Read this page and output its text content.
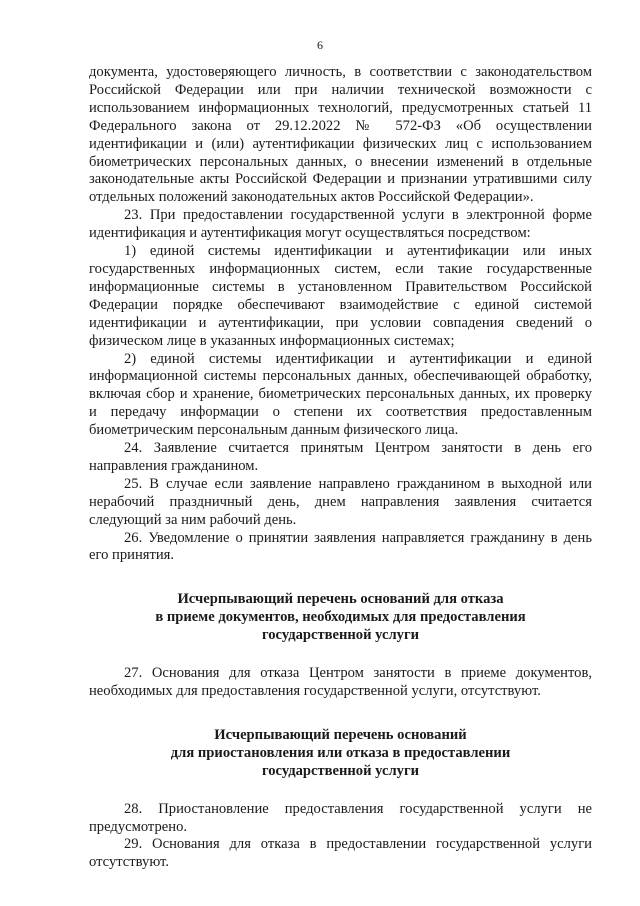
6

документа, удостоверяющего личность, в соответствии с законодательством Российской Федерации или при наличии технической возможности с использованием информационных технологий, предусмотренных статьей 11 Федерального закона от 29.12.2022 № 572-ФЗ «Об осуществлении идентификации и (или) аутентификации физических лиц с использованием биометрических персональных данных, о внесении изменений в отдельные законодательные акты Российской Федерации и признании утратившими силу отдельных положений законодательных актов Российской Федерации».

23. При предоставлении государственной услуги в электронной форме идентификация и аутентификация могут осуществляться посредством:

1) единой системы идентификации и аутентификации или иных государственных информационных систем, если такие государственные информационные системы в установленном Правительством Российской Федерации порядке обеспечивают взаимодействие с единой системой идентификации и аутентификации, при условии совпадения сведений о физическом лице в указанных информационных системах;

2) единой системы идентификации и аутентификации и единой информационной системы персональных данных, обеспечивающей обработку, включая сбор и хранение, биометрических персональных данных, их проверку и передачу информации о степени их соответствия предоставленным биометрическим персональным данным физического лица.

24. Заявление считается принятым Центром занятости в день его направления гражданином.

25. В случае если заявление направлено гражданином в выходной или нерабочий праздничный день, днем направления заявления считается следующий за ним рабочий день.

26. Уведомление о принятии заявления направляется гражданину в день его принятия.

Исчерпывающий перечень оснований для отказа
в приеме документов, необходимых для предоставления
государственной услуги

27. Основания для отказа Центром занятости в приеме документов, необходимых для предоставления государственной услуги, отсутствуют.

Исчерпывающий перечень оснований
для приостановления или отказа в предоставлении
государственной услуги

28. Приостановление предоставления государственной услуги не предусмотрено.

29. Основания для отказа в предоставлении государственной услуги отсутствуют.
